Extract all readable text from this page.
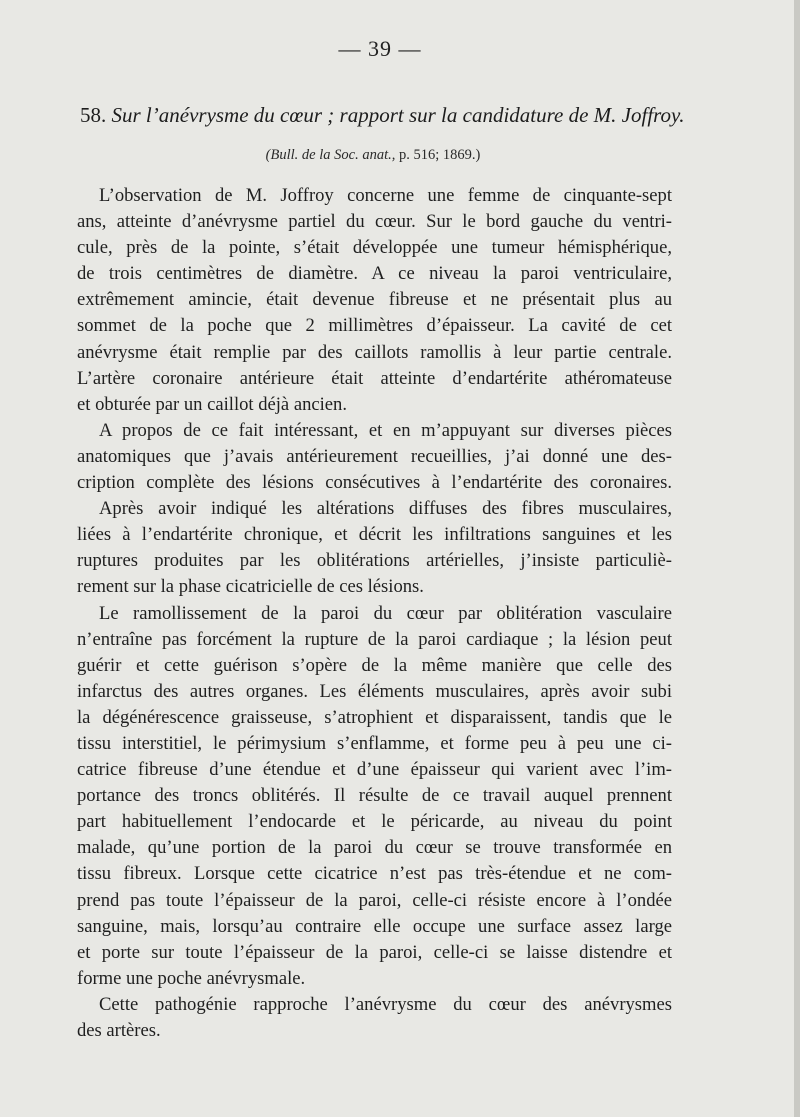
— 39 —
58. Sur l’anévrysme du cœur ; rapport sur la candidature de M. Joffroy.
(Bull. de la Soc. anat., p. 516; 1869.)
L’observation de M. Joffroy concerne une femme de cinquante-sept
ans, atteinte d’anévrysme partiel du cœur. Sur le bord gauche du ventri-
cule, près de la pointe, s’était développée une tumeur hémisphérique,
de trois centimètres de diamètre. A ce niveau la paroi ventriculaire,
extrêmement amincie, était devenue fibreuse et ne présentait plus au
sommet de la poche que 2 millimètres d’épaisseur. La cavité de cet
anévrysme était remplie par des caillots ramollis à leur partie centrale.
L’artère coronaire antérieure était atteinte d’endartérite athéromateuse
et obturée par un caillot déjà ancien.
A propos de ce fait intéressant, et en m’appuyant sur diverses pièces
anatomiques que j’avais antérieurement recueillies, j’ai donné une des-
cription complète des lésions consécutives à l’endartérite des coronaires.
Après avoir indiqué les altérations diffuses des fibres musculaires,
liées à l’endartérite chronique, et décrit les infiltrations sanguines et les
ruptures produites par les oblitérations artérielles, j’insiste particuliè-
rement sur la phase cicatricielle de ces lésions.
Le ramollissement de la paroi du cœur par oblitération vasculaire
n’entraîne pas forcément la rupture de la paroi cardiaque ; la lésion peut
guérir et cette guérison s’opère de la même manière que celle des
infarctus des autres organes. Les éléments musculaires, après avoir subi
la dégénérescence graisseuse, s’atrophient et disparaissent, tandis que le
tissu interstitiel, le périmysium s’enflamme, et forme peu à peu une ci-
catrice fibreuse d’une étendue et d’une épaisseur qui varient avec l’im-
portance des troncs oblitérés. Il résulte de ce travail auquel prennent
part habituellement l’endocarde et le péricarde, au niveau du point
malade, qu’une portion de la paroi du cœur se trouve transformée en
tissu fibreux. Lorsque cette cicatrice n’est pas très-étendue et ne com-
prend pas toute l’épaisseur de la paroi, celle-ci résiste encore à l’ondée
sanguine, mais, lorsqu’au contraire elle occupe une surface assez large
et porte sur toute l’épaisseur de la paroi, celle-ci se laisse distendre et
forme une poche anévrysmale.
Cette pathogénie rapproche l’anévrysme du cœur des anévrysmes
des artères.
